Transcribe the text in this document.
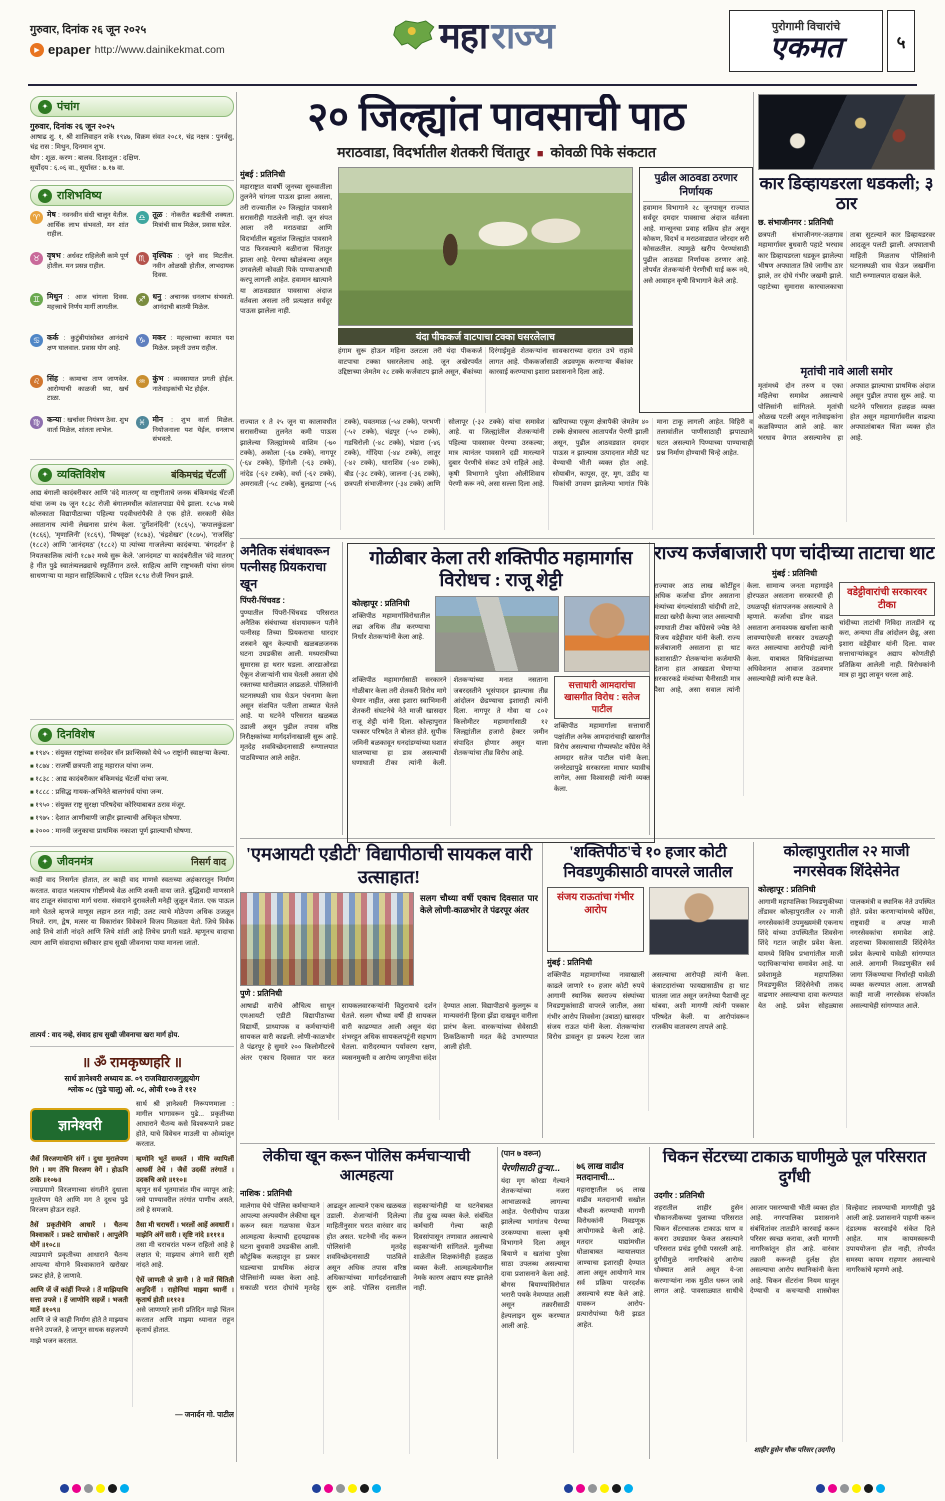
गुरुवार, दिनांक २६ जून २०२५
▶ epaper http://www.dainikekmat.com	महा राज्य	पुरोगामी विचारांचे
एकमत	५
✦ पंचांग
गुरुवार, दिनांक २६ जून २०२५
आषाढ शु. १, श्री शालिवाहन शके १९४७, विक्रम संवत २०८१, चंद्र नक्षत्र : पुनर्वसु, चंद्र रास : मिथुन, दिनमान शुभ.
योग : शूळ. करण : बालव. दिशाशूल : दक्षिण.
सूर्योदय : ६.०६ वा., सूर्यास्त : ७.१७ वा.
✦ राशिभविष्य
♈ मेष : नवनवीन संधी चालून येतील. आर्थिक लाभ संभवतो, मन शांत राहील.
♎ तूळ : नोकरीत बढतीची शक्यता. मित्रांची साथ मिळेल, प्रवास घडेल.
♉ वृषभ : अर्धवट राहिलेली कामे पूर्ण होतील. मन प्रसन्न राहील.
♏ वृश्चिक : जुने वाद मिटतील. नवीन ओळखी होतील, लाभदायक दिवस.
♊ मिथुन : आज चांगला दिवस. महत्त्वाचे निर्णय मार्गी लागतील.
♐ धनु : अचानक धनलाभ संभवतो. आनंदाची बातमी मिळेल.
♋ कर्क : कुटुंबीयांसोबत आनंदाचे क्षण घालवाल. प्रवास योग आहे.
♑ मकर : महत्त्वाच्या कामात यश मिळेल. प्रकृती उत्तम राहील.
♌ सिंह : कामाचा ताण जाणवेल. आरोग्याची काळजी घ्या, खर्च टाळा.
♒ कुंभ : व्यवसायात प्रगती होईल. नातेवाइकांची भेट होईल.
♍ कन्या : खर्चावर नियंत्रण ठेवा. शुभ वार्ता मिळेल, शांतता लाभेल.
♓ मीन : शुभ वार्ता मिळेल. नियोजनाला यश येईल, धनलाभ संभवतो.
✦ व्यक्तिविशेष	बंकिमचंद्र चॅटर्जी
आद्य बंगाली कादंबरीकार आणि 'वंदे मातरम्' या राष्ट्रगीताचे जनक बंकिमचंद्र चॅटर्जी यांचा जन्म २७ जून १८३८ रोजी बंगालमधील कांतालपाडा येथे झाला. १८५७ मध्ये कोलकाता विद्यापीठाच्या पहिल्या पदवीधरांपैकी ते एक होते. सरकारी सेवेत असतानाच त्यांनी लेखनास प्रारंभ केला. 'दुर्गेशनंदिनी' (१८६५), 'कपालकुंडला' (१८६६), 'मृणालिनी' (१८६९), 'विषवृक्ष' (१८७३), 'चंद्रशेखर' (१८७५), 'राजसिंह' (१८८२) आणि 'आनंदमठ' (१८८२) या त्यांच्या गाजलेल्या कादंबऱ्या. 'बंगदर्शन' हे नियतकालिक त्यांनी १८७२ मध्ये सुरू केले. 'आनंदमठ' या कादंबरीतील 'वंदे मातरम्' हे गीत पुढे स्वातंत्र्यलढ्याचे स्फूर्तिगान ठरले. साहित्य आणि राष्ट्रभक्ती यांचा संगम साधणाऱ्या या महान साहित्यिकाचे ८ एप्रिल १८९४ रोजी निधन झाले.
✦ दिनविशेष

■ १९४५ : संयुक्त राष्ट्रांच्या सनदेवर सॅन फ्रान्सिस्को येथे ५० राष्ट्रांनी स्वाक्षऱ्या केल्या.

■ १८७४ : राजर्षी छत्रपती शाहू महाराज यांचा जन्म.

■ १८३८ : आद्य कादंबरीकार बंकिमचंद्र चॅटर्जी यांचा जन्म.

■ १८८८ : प्रसिद्ध गायक-अभिनेते बालगंधर्व यांचा जन्म.

■ १९५० : संयुक्त राष्ट्र सुरक्षा परिषदेचा कोरियाबाबत ठराव मंजूर.

■ १९७५ : देशात आणीबाणी जाहीर झाल्याची अधिकृत घोषणा.

■ २००० : मानवी जनुकाचा प्राथमिक नकाशा पूर्ण झाल्याची घोषणा.

✦ जीवनमंत्र	निसर्ग वाद
काही वाद निसर्गतः होतात, तर काही वाद माणसे स्वतःच्या अहंकारातून निर्माण करतात. वादात भलत्याच गोष्टींमध्ये वेळ आणि शक्ती वाया जाते. बुद्धिवादी माणसाने वाद टाळून संवादाचा मार्ग धरावा. संवादाने दुरावलेली मनेही जुळून येतात. एक पाऊल मागे घेतले म्हणजे माणूस लहान ठरत नाही; उलट त्याचे मोठेपण अधिक उजळून निघते. राग, द्वेष, मत्सर या विकारांवर विवेकाने विजय मिळवता येतो. जिथे विवेक आहे तिथे शांती नांदते आणि जिथे शांती आहे तिथेच प्रगती घडते. म्हणूनच वादाचा त्याग आणि संवादाचा स्वीकार हाच सुखी जीवनाचा पाया मानला जातो.
तात्पर्य : वाद नव्हे, संवाद हाच सुखी जीवनाचा खरा मार्ग होय.
॥ ॐ रामकृष्णहरि ॥
सार्थ ज्ञानेश्वरी अध्याय क्र. ०९ राजविद्याराजगुह्ययोग
श्लोक ०८ (पुढे चालू) ओ. ०८, ओवी १०७ ते ११२
ज्ञानेश्वरी
सार्थ श्री ज्ञानेश्वरी निरूपणमाला : मागील भागावरून पुढे... प्रकृतीच्या आधाराने चैतन्य कसे विश्वरूपाने प्रकट होते, याचे विवेचन माउली या ओव्यांतून करतात.

जैसें विरजणाचेनि संगें । दुधा मुरालेपण रिगे । मग तेंचि विरजण वेगें । होऊनि ठाके ॥१०७॥
ज्याप्रमाणे विरजणाच्या संगतीने दुधाला मुरलेपण येते आणि मग ते दूधच पुढे विरजण होऊन राहते.

तैसें प्रकृतीचेनि आधारें । चैतन्य विश्वाकारें । प्रकटे साचोकारें । आपुलेनि योगें ॥१०८॥
त्याप्रमाणे प्रकृतीच्या आधाराने चैतन्य आपल्या योगाने विश्वाकाराने खरोखर प्रकट होते, हे जाणावे.

आणि जें जें कांहीं निपजे । तें माझियाचि सत्ता उपजे । हें जाणोनि सहजें । भजती मातें ॥१०९॥
आणि जे जे काही निर्माण होते ते माझ्याच सत्तेने उपजते, हे जाणून साधक सहजपणे माझे भजन करतात.

म्हणोनि भूतें समस्तें । मीचि व्यापिलीं आघवीं तेथें । जैसें उदकीं तरंगातें । उदकचि असे ॥११०॥
म्हणून सर्व भूतमात्रांत मीच व्यापून आहे; जसे पाण्यावरील तरंगांत पाणीच असते, तसे हे समजावे.

तैसा मी चराचरीं । भरलों आहें अवधारीं । माझेनि अंगें सारी । सृष्टि नांदे ॥१११॥
तसा मी चराचरांत भरून राहिलो आहे हे लक्षात घे; माझ्याच अंगाने सारी सृष्टी नांदते आहे.

ऐसें जाणती जे ज्ञानी । ते मातें चिंतिती अनुदिनीं । राहोनियां माझ्या ध्यानीं । कृतार्थ होती ॥११२॥
असे जाणणारे ज्ञानी प्रतिदिन माझे चिंतन करतात आणि माझ्या ध्यानात राहून कृतार्थ होतात.

— जनार्दन गो. पाटील
२० जिल्ह्यांत पावसाची पाठ
मराठवाडा, विदर्भातील शेतकरी चिंतातुर ■ कोवळी पिके संकटात
मुंबई : प्रतिनिधी
महाराष्ट्रात यावर्षी जूनच्या सुरुवातीला तुलनेने चांगला पाऊस झाला असला, तरी राज्यातील २० जिल्ह्यांत पावसाने सरासरीही गाठलेली नाही. जून संपत आला तरी मराठवाडा आणि विदर्भातील बहुतांश जिल्ह्यांत पावसाने पाठ फिरवल्याने बळीराजा चिंतातुर झाला आहे. पेरण्या खोळंबल्या असून उगवलेली कोवळी पिके पाण्याअभावी करपू लागली आहेत. हवामान खात्याने या आठवड्यात पावसाचा अंदाज वर्तवला असला तरी प्रत्यक्षात सर्वदूर पाऊस झालेला नाही.
यंदा पीककर्ज वाटपाचा टक्का घसरलेलाच
हंगाम सुरू होऊन महिना उलटला तरी यंदा पीककर्ज वाटपाचा टक्का घसरलेलाच आहे. जून अखेरपर्यंत उद्दिष्टाच्या जेमतेम २८ टक्के कर्जवाटप झाले असून, बँकांच्या दिरंगाईमुळे शेतकऱ्यांना सावकाराच्या दारात उभे राहावे लागत आहे. पीककर्जासाठी अडवणूक करणाऱ्या बँकांवर कारवाई करण्याचा इशारा प्रशासनाने दिला आहे.
पुढील आठवडा ठरणार निर्णायक
हवामान विभागाने २८ जूनपासून राज्यात सर्वदूर दमदार पावसाचा अंदाज वर्तवला आहे. मान्सूनचा प्रवाह सक्रिय होत असून कोकण, विदर्भ व मराठवाड्यात जोरदार सरी कोसळतील. त्यामुळे खरीप पेरण्यांसाठी पुढील आठवडा निर्णायक ठरणार आहे. तोपर्यंत शेतकऱ्यांनी पेरणीची घाई करू नये, असे आवाहन कृषी विभागाने केले आहे.
राज्यात १ ते २५ जून या कालावधीत सरासरीच्या तुलनेत कमी पाऊस झालेल्या जिल्ह्यांमध्ये वाशिम (-७० टक्के), अकोला (-६७ टक्के), नागपूर (-६४ टक्के), हिंगोली (-६३ टक्के), नांदेड (-६२ टक्के), वर्धा (-६२ टक्के), अमरावती (-५८ टक्के), बुलढाणा (-५६ टक्के), यवतमाळ (-५४ टक्के), परभणी (-५२ टक्के), चंद्रपूर (-५० टक्के), गडचिरोली (-४८ टक्के), भंडारा (-४६ टक्के), गोंदिया (-४४ टक्के), लातूर (-४२ टक्के), धाराशिव (-४० टक्के), बीड (-३८ टक्के), जालना (-३६ टक्के), छत्रपती संभाजीनगर (-३४ टक्के) आणि सोलापूर (-३२ टक्के) यांचा समावेश आहे. या जिल्ह्यांतील शेतकऱ्यांनी पहिल्या पावसावर पेरण्या उरकल्या; मात्र त्यानंतर पावसाने दडी मारल्याने दुबार पेरणीचे संकट उभे राहिले आहे. कृषी विभागाने पुरेशा ओलीशिवाय पेरणी करू नये, असा सल्ला दिला आहे. खरिपाच्या एकूण क्षेत्रापैकी जेमतेम ४० टक्के क्षेत्रावरच आतापर्यंत पेरणी झाली असून, पुढील आठवड्यात दमदार पाऊस न झाल्यास उत्पादनात मोठी घट येण्याची भीती व्यक्त होत आहे. सोयाबीन, कापूस, तूर, मूग, उडीद या पिकांची उगवण झालेल्या भागांत पिके माना टाकू लागली आहेत. विहिरी व तलावांतील पाणीसाठाही झपाट्याने घटत असल्याने पिण्याच्या पाण्याचाही प्रश्न निर्माण होण्याची चिन्हे आहेत.
कार डिव्हायडरला धडकली; ३ ठार
छ. संभाजीनगर : प्रतिनिधी
छत्रपती संभाजीनगर-जळगाव महामार्गावर बुधवारी पहाटे भरधाव कार डिव्हायडरला धडकून झालेल्या भीषण अपघातात तिघे जागीच ठार झाले, तर दोघे गंभीर जखमी झाले. पहाटेच्या सुमारास कारचालकाचा ताबा सुटल्याने कार डिव्हायडरवर आदळून पलटी झाली. अपघाताची माहिती मिळताच पोलिसांनी घटनास्थळी धाव घेऊन जखमींना घाटी रुग्णालयात दाखल केले.
मृतांची नावे आली समोर
मृतांमध्ये दोन तरुण व एका महिलेचा समावेश असल्याचे पोलिसांनी सांगितले. मृतांची ओळख पटली असून नातेवाइकांना कळविण्यात आले आहे. कार भरधाव वेगात असल्यानेच हा अपघात झाल्याचा प्राथमिक अंदाज असून पुढील तपास सुरू आहे. या घटनेने परिसरात हळहळ व्यक्त होत असून महामार्गावरील वाढत्या अपघातांबाबत चिंता व्यक्त होत आहे.
अनैतिक संबंधावरून पत्नीसह प्रियकराचा खून
पिंपरी-चिंचवड :
पुण्यातील पिंपरी-चिंचवड परिसरात अनैतिक संबंधाच्या संशयावरून पतीने पत्नीसह तिच्या प्रियकराचा धारदार शस्त्राने खून केल्याची खळबळजनक घटना उघडकीस आली. मध्यरात्रीच्या सुमारास हा थरार घडला. आरडाओरडा ऐकून शेजाऱ्यांनी धाव घेतली असता दोघे रक्ताच्या थारोळ्यात आढळले. पोलिसांनी घटनास्थळी धाव घेऊन पंचनामा केला असून संशयित पतीला ताब्यात घेतले आहे. या घटनेने परिसरात खळबळ उडाली असून पुढील तपास वरिष्ठ निरीक्षकांच्या मार्गदर्शनाखाली सुरू आहे. मृतदेह शवविच्छेदनासाठी रुग्णालयात पाठविण्यात आले आहेत.
गोळीबार केला तरी शक्तिपीठ महामार्गास विरोधच : राजू शेट्टी
कोल्हापूर : प्रतिनिधी
शक्तिपीठ महामार्गाविरोधातील लढा अधिक तीव्र करण्याचा निर्धार शेतकऱ्यांनी केला आहे.
शक्तिपीठ महामार्गासाठी सरकारने गोळीबार केला तरी शेतकरी विरोध मागे घेणार नाहीत, असा इशारा स्वाभिमानी शेतकरी संघटनेचे नेते माजी खासदार राजू शेट्टी यांनी दिला. कोल्हापुरात पत्रकार परिषदेत ते बोलत होते. सुपीक जमिनी बळकावून धनदांडग्यांच्या घशात घालण्याचा हा डाव असल्याची घणाघाती टीका त्यांनी केली. शेतकऱ्यांच्या मनात नसताना जबरदस्तीने भूसंपादन झाल्यास तीव्र आंदोलन छेडण्याचा इशाराही त्यांनी दिला. नागपूर ते गोवा या ८०२ किलोमीटर महामार्गासाठी १२ जिल्ह्यांतील हजारो हेक्टर जमीन संपादित होणार असून याला शेतकऱ्यांचा तीव्र विरोध आहे.
सत्ताधारी आमदारांचा खासगीत विरोध : सतेज पाटील
शक्तिपीठ महामार्गाला सत्ताधारी पक्षांतील अनेक आमदारांचाही खासगीत विरोध असल्याचा गौप्यस्फोट काँग्रेस नेते आमदार सतेज पाटील यांनी केला. जनरेट्यापुढे सरकारला माघार घ्यावीच लागेल, असा विश्वासही त्यांनी व्यक्त केला.
राज्य कर्जबाजारी पण चांदीच्या ताटाचा थाट
मुंबई : प्रतिनिधी
राज्यावर आठ लाख कोटींहून अधिक कर्जाचा डोंगर असताना मंत्र्यांच्या बंगल्यांसाठी चांदीची ताटे, वाट्या खरेदी केल्या जात असल्याची घणाघाती टीका काँग्रेसचे ज्येष्ठ नेते विजय वडेट्टीवार यांनी केली. राज्य कर्जबाजारी असताना हा थाट कशासाठी? शेतकऱ्यांना कर्जमाफी देताना हात आखडता घेणाऱ्या सरकारकडे मंत्र्यांच्या चैनीसाठी मात्र पैसा आहे, असा सवाल त्यांनी केला. सामान्य जनता महागाईने होरपळत असताना सरकारची ही उधळपट्टी संतापजनक असल्याचे ते म्हणाले. कर्जाचा डोंगर वाढत असताना अनावश्यक खर्चाला कात्री लावण्याऐवजी सरकार उधळपट्टी करत असल्याचा आरोपही त्यांनी केला. याबाबत विधिमंडळाच्या अधिवेशनात आवाज उठवणार असल्याचेही त्यांनी स्पष्ट केले.
वडेट्टीवारांची सरकारवर टीका
चांदीच्या ताटांची निविदा तातडीने रद्द करा, अन्यथा तीव्र आंदोलन छेडू, असा इशारा वडेट्टीवार यांनी दिला. यावर सत्ताधाऱ्यांकडून अद्याप कोणतीही प्रतिक्रिया आलेली नाही. विरोधकांनी मात्र हा मुद्दा लावून धरला आहे.
'एमआयटी एडीटी' विद्यापीठा‍ची सायकल वारी उत्साहात!
सलग चौथ्या वर्षी एकाच दिवसात पार केले लोणी-काळभोर ते पंढरपूर अंतर
पुणे : प्रतिनिधी
आषाढी वारीचे औचित्य साधून एमआयटी एडीटी विद्यापीठाच्या विद्यार्थी, प्राध्यापक व कर्मचाऱ्यांनी सायकल वारी काढली. लोणी-काळभोर ते पंढरपूर हे सुमारे २०० किलोमीटरचे अंतर एकाच दिवसात पार करत सायकलवारकऱ्यांनी विठुरायाचे दर्शन घेतले. सलग चौथ्या वर्षी ही सायकल वारी काढण्यात आली असून यंदा शंभरहून अधिक सायकलपटूंनी सहभाग घेतला. वारीदरम्यान पर्यावरण रक्षण, व्यसनमुक्ती व आरोग्य जागृतीचा संदेश देण्यात आला. विद्यापीठाचे कुलगुरू व मान्यवरांनी हिरवा झेंडा दाखवून वारीला प्रारंभ केला. वारकऱ्यांच्या सेवेसाठी ठिकठिकाणी मदत केंद्रे उभारण्यात आली होती.
'शक्तिपीठ'चे १० हजार कोटी निवडणुकीसाठी वापरले जातील
संजय राऊतांचा गंभीर आरोप
मुंबई : प्रतिनिधी
शक्तिपीठ महामार्गाच्या नावाखाली काढले जाणारे १० हजार कोटी रुपये आगामी स्थानिक स्वराज्य संस्थांच्या निवडणुकांसाठी वापरले जातील, असा गंभीर आरोप शिवसेना (उबाठा) खासदार संजय राऊत यांनी केला. शेतकऱ्यांचा विरोध डावलून हा प्रकल्प रेटला जात असल्याचा आरोपही त्यांनी केला. कंत्राटदारांच्या फायद्यासाठीच हा घाट घातला जात असून जनतेच्या पैशाची लूट थांबवा, अशी मागणी त्यांनी पत्रकार परिषदेत केली. या आरोपांवरून राजकीय वातावरण तापले आहे.
कोल्हापुरातील २२ माजी नगरसेवक शिंदेसेनेत
कोल्हापूर : प्रतिनिधी
आगामी महापालिका निवडणुकीच्या तोंडावर कोल्हापुरातील २२ माजी नगरसेवकांनी उपमुख्यमंत्री एकनाथ शिंदे यांच्या उपस्थितीत शिवसेना शिंदे गटात जाहीर प्रवेश केला. यामध्ये विविध प्रभागांतील माजी पदाधिकाऱ्यांचा समावेश आहे. या प्रवेशामुळे महापालिका निवडणुकीत शिंदेसेनेची ताकद वाढणार असल्याचा दावा करण्यात येत आहे. प्रवेश सोहळ्यास पालकमंत्री व स्थानिक नेते उपस्थित होते. प्रवेश करणाऱ्यांमध्ये काँग्रेस, राष्ट्रवादी व अपक्ष माजी नगरसेवकांचा समावेश आहे. शहराच्या विकासासाठी शिंदेसेनेत प्रवेश केल्याचे यावेळी सांगण्यात आले. आगामी निवडणुकीत सर्व जागा जिंकण्याचा निर्धारही यावेळी व्यक्त करण्यात आला. आणखी काही माजी नगरसेवक संपर्कात असल्याचेही सांगण्यात आले.
लेकीचा खून करून पोलिस कर्मचाऱ्याची आत्महत्या
नाशिक : प्रतिनिधी
मालेगाव येथे पोलिस कर्मचाऱ्याने आपल्या अल्पवयीन लेकीचा खून करून स्वतः गळफास घेऊन आत्महत्या केल्याची हृदयद्रावक घटना बुधवारी उघडकीस आली. कौटुंबिक कलहातून हा प्रकार घडल्याचा प्राथमिक अंदाज पोलिसांनी व्यक्त केला आहे. सकाळी घरात दोघांचे मृतदेह आढळून आल्याने एकच खळबळ उडाली. शेजाऱ्यांनी दिलेल्या माहितीनुसार घरात वारंवार वाद होत असत. घटनेची नोंद करून पोलिसांनी मृतदेह शवविच्छेदनासाठी पाठविले असून अधिक तपास वरिष्ठ अधिकाऱ्यांच्या मार्गदर्शनाखाली सुरू आहे. पोलिस दलातील सहकाऱ्यांनीही या घटनेबाबत तीव्र दुःख व्यक्त केले. संबंधित कर्मचारी गेल्या काही दिवसांपासून तणावात असल्याचे सहकाऱ्यांनी सांगितले. मुलीच्या शाळेतील शिक्षकांनीही हळहळ व्यक्त केली. आत्महत्येमागील नेमके कारण अद्याप स्पष्ट झालेले नाही.
(पान ७ वरून)

पेरणीसाठी तुऱ्या...

यंदा मृग कोरडा गेल्याने शेतकऱ्यांच्या नजरा आभाळाकडे लागल्या आहेत. पेरणीयोग्य पाऊस झालेल्या भागांतच पेरण्या उरकण्याचा सल्ला कृषी विभागाने दिला असून बियाणे व खतांचा पुरेसा साठा उपलब्ध असल्याचा दावा प्रशासनाने केला आहे. बोगस बियाण्यांविरोधात भरारी पथके नेमण्यात आली असून तक्रारीसाठी हेल्पलाइन सुरू करण्यात आली आहे.

७६ लाख वाढीव मतदानाची...

महाराष्ट्रातील ७६ लाख वाढीव मतदानाची सखोल चौकशी करण्याची मागणी विरोधकांनी निवडणूक आयोगाकडे केली आहे. मतदार याद्यांमधील घोळाबाबत न्यायालयात जाण्याचा इशाराही देण्यात आला असून आयोगाने मात्र सर्व प्रक्रिया पारदर्शक असल्याचे स्पष्ट केले आहे. यावरून आरोप-प्रत्यारोपांच्या फैरी झडत आहेत.
चिकन सेंटरच्या टाकाऊ घाणीमुळे पूल परिसरात दुर्गंधी
उदगीर : प्रतिनिधी
शहरातील शाहीर हुसेन चौकानजीकच्या पुलाच्या परिसरात चिकन सेंटरचालक टाकाऊ घाण व कचरा उघड्यावर फेकत असल्याने परिसरात प्रचंड दुर्गंधी पसरली आहे. दुर्गंधीमुळे नागरिकांचे आरोग्य धोक्यात आले असून ये-जा करणाऱ्यांना नाक मुठीत धरून जावे लागत आहे. पावसाळ्यात साथीचे आजार पसरण्याची भीती व्यक्त होत आहे. नगरपालिका प्रशासनाने संबंधितांवर तातडीने कारवाई करून परिसर स्वच्छ करावा, अशी मागणी नागरिकांतून होत आहे. वारंवार तक्रारी करूनही दुर्लक्ष होत असल्याचा आरोप स्थानिकांनी केला आहे. चिकन सेंटरांना नियम घालून देण्याची व कचऱ्याची शास्त्रोक्त विल्हेवाट लावण्याची मागणीही पुढे आली आहे. प्रशासनाने पाहणी करून दंडात्मक कारवाईचे संकेत दिले आहेत. मात्र कायमस्वरूपी उपाययोजना होत नाही, तोपर्यंत समस्या कायम राहणार असल्याचे नागरिकांचे म्हणणे आहे.
शाहीर हुसेन चौक परिसर (उदगीर)
